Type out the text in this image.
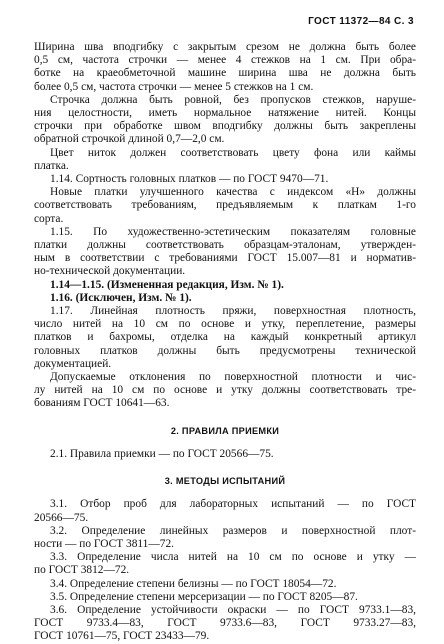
ГОСТ 11372—84 С. 3
Ширина шва вподгибку с закрытым срезом не должна быть более
0,5 см, частота строчки — менее 4 стежков на 1 см. При обра-
ботке на краеобметочной машине ширина шва не должна быть
более 0,5 см, частота строчки — менее 5 стежков на 1 см.
Строчка должна быть ровной, без пропусков стежков, наруше-
ния целостности, иметь нормальное натяжение нитей. Концы
строчки при обработке швом вподгибку должны быть закреплены
обратной строчкой длиной 0,7—2,0 см.
Цвет ниток должен соответствовать цвету фона или каймы
платка.
1.14. Сортность головных платков — по ГОСТ 9470—71.
Новые платки улучшенного качества с индексом «Н» должны
соответствовать требованиям, предъявляемым к платкам 1-го
сорта.
1.15. По художественно-эстетическим показателям головные
платки должны соответствовать образцам-эталонам, утвержден-
ным в соответствии с требованиями ГОСТ 15.007—81 и норматив-
но-технической документации.
1.14—1.15. (Измененная редакция, Изм. № 1).
1.16. (Исключен, Изм. № 1).
1.17. Линейная плотность пряжи, поверхностная плотность,
число нитей на 10 см по основе и утку, переплетение, размеры
платков и бахромы, отделка на каждый конкретный артикул
головных платков должны быть предусмотрены технической
документацией.
Допускаемые отклонения по поверхностной плотности и чис-
лу нитей на 10 см по основе и утку должны соответствовать тре-
бованиям ГОСТ 10641—63.
2. ПРАВИЛА ПРИЕМКИ
2.1. Правила приемки — по ГОСТ 20566—75.
3. МЕТОДЫ ИСПЫТАНИЙ
3.1. Отбор проб для лабораторных испытаний — по ГОСТ
20566—75.
3.2. Определение линейных размеров и поверхностной плот-
ности — по ГОСТ 3811—72.
3.3. Определение числа нитей на 10 см по основе и утку —
по ГОСТ 3812—72.
3.4. Определение степени белизны — по ГОСТ 18054—72.
3.5. Определение степени мерсеризации — по ГОСТ 8205—87.
3.6. Определение устойчивости окраски — по ГОСТ 9733.1—83,
ГОСТ 9733.4—83, ГОСТ 9733.6—83, ГОСТ 9733.27—83,
ГОСТ 10761—75, ГОСТ 23433—79.
